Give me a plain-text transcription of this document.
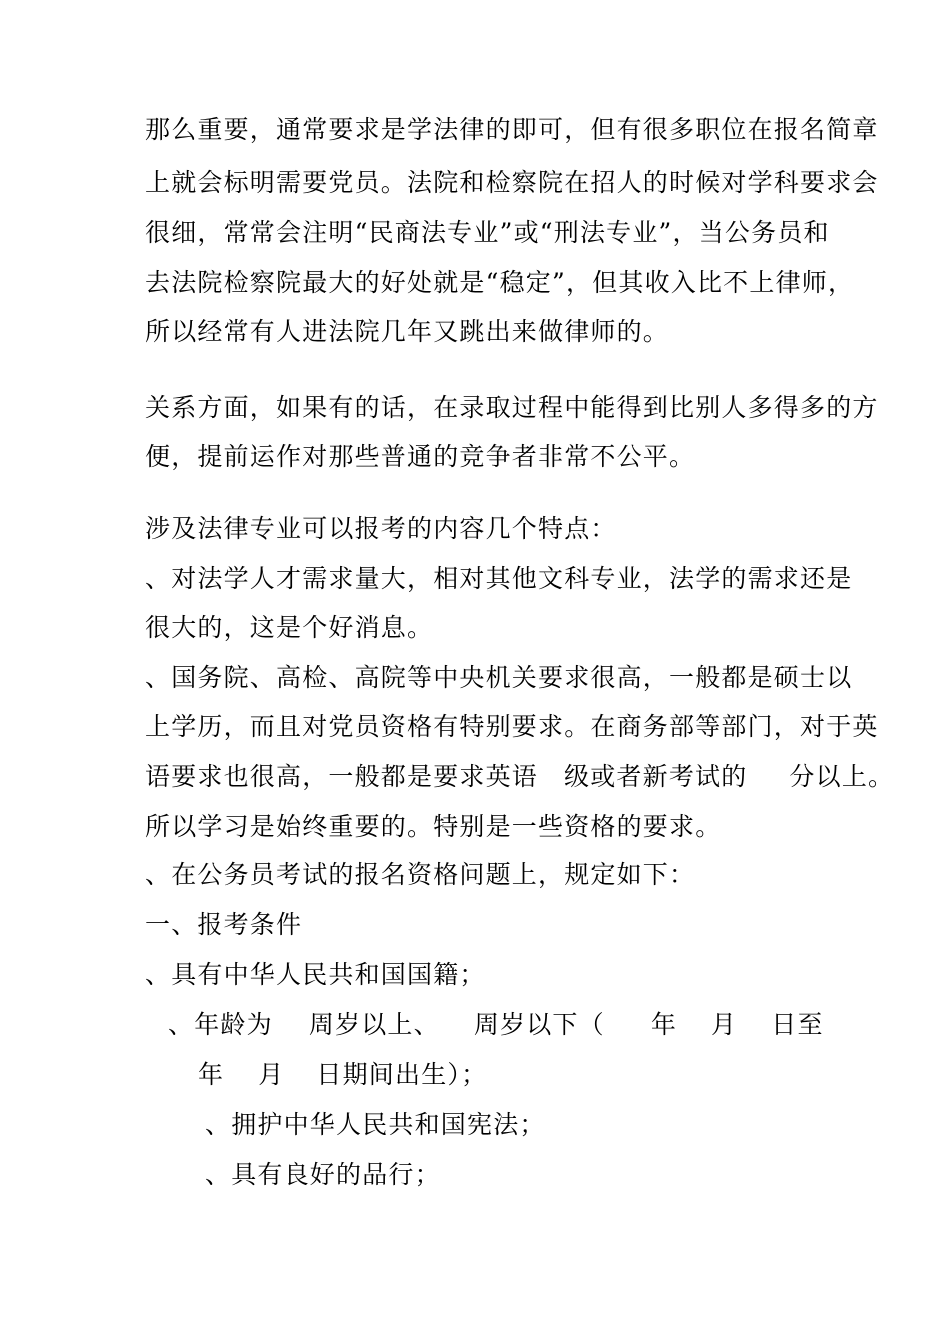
那么重要，通常要求是学法律的即可，但有很多职位在报名简章
上就会标明需要党员。法院和检察院在招人的时候对学科要求会
很细，常常会注明“民商法专业”或“刑法专业”，当公务员和
去法院检察院最大的好处就是“稳定”，但其收入比不上律师，
所以经常有人进法院几年又跳出来做律师的。
关系方面，如果有的话，在录取过程中能得到比别人多得多的方
便，提前运作对那些普通的竞争者非常不公平。
涉及法律专业可以报考的内容几个特点：
、对法学人才需求量大，相对其他文科专业，法学的需求还是
很大的，这是个好消息。
、国务院、高检、高院等中央机关要求很高，一般都是硕士以
上学历，而且对党员资格有特别要求。在商务部等部门，对于英
语要求也很高，一般都是要求英语 级或者新考试的 分以上。
所以学习是始终重要的。特别是一些资格的要求。
、在公务员考试的报名资格问题上，规定如下：
一、报考条件
、具有中华人民共和国国籍；
、年龄为 周岁以上、 周岁以下（ 年 月 日至
年 月 日期间出生）；
、拥护中华人民共和国宪法；
、具有良好的品行；
